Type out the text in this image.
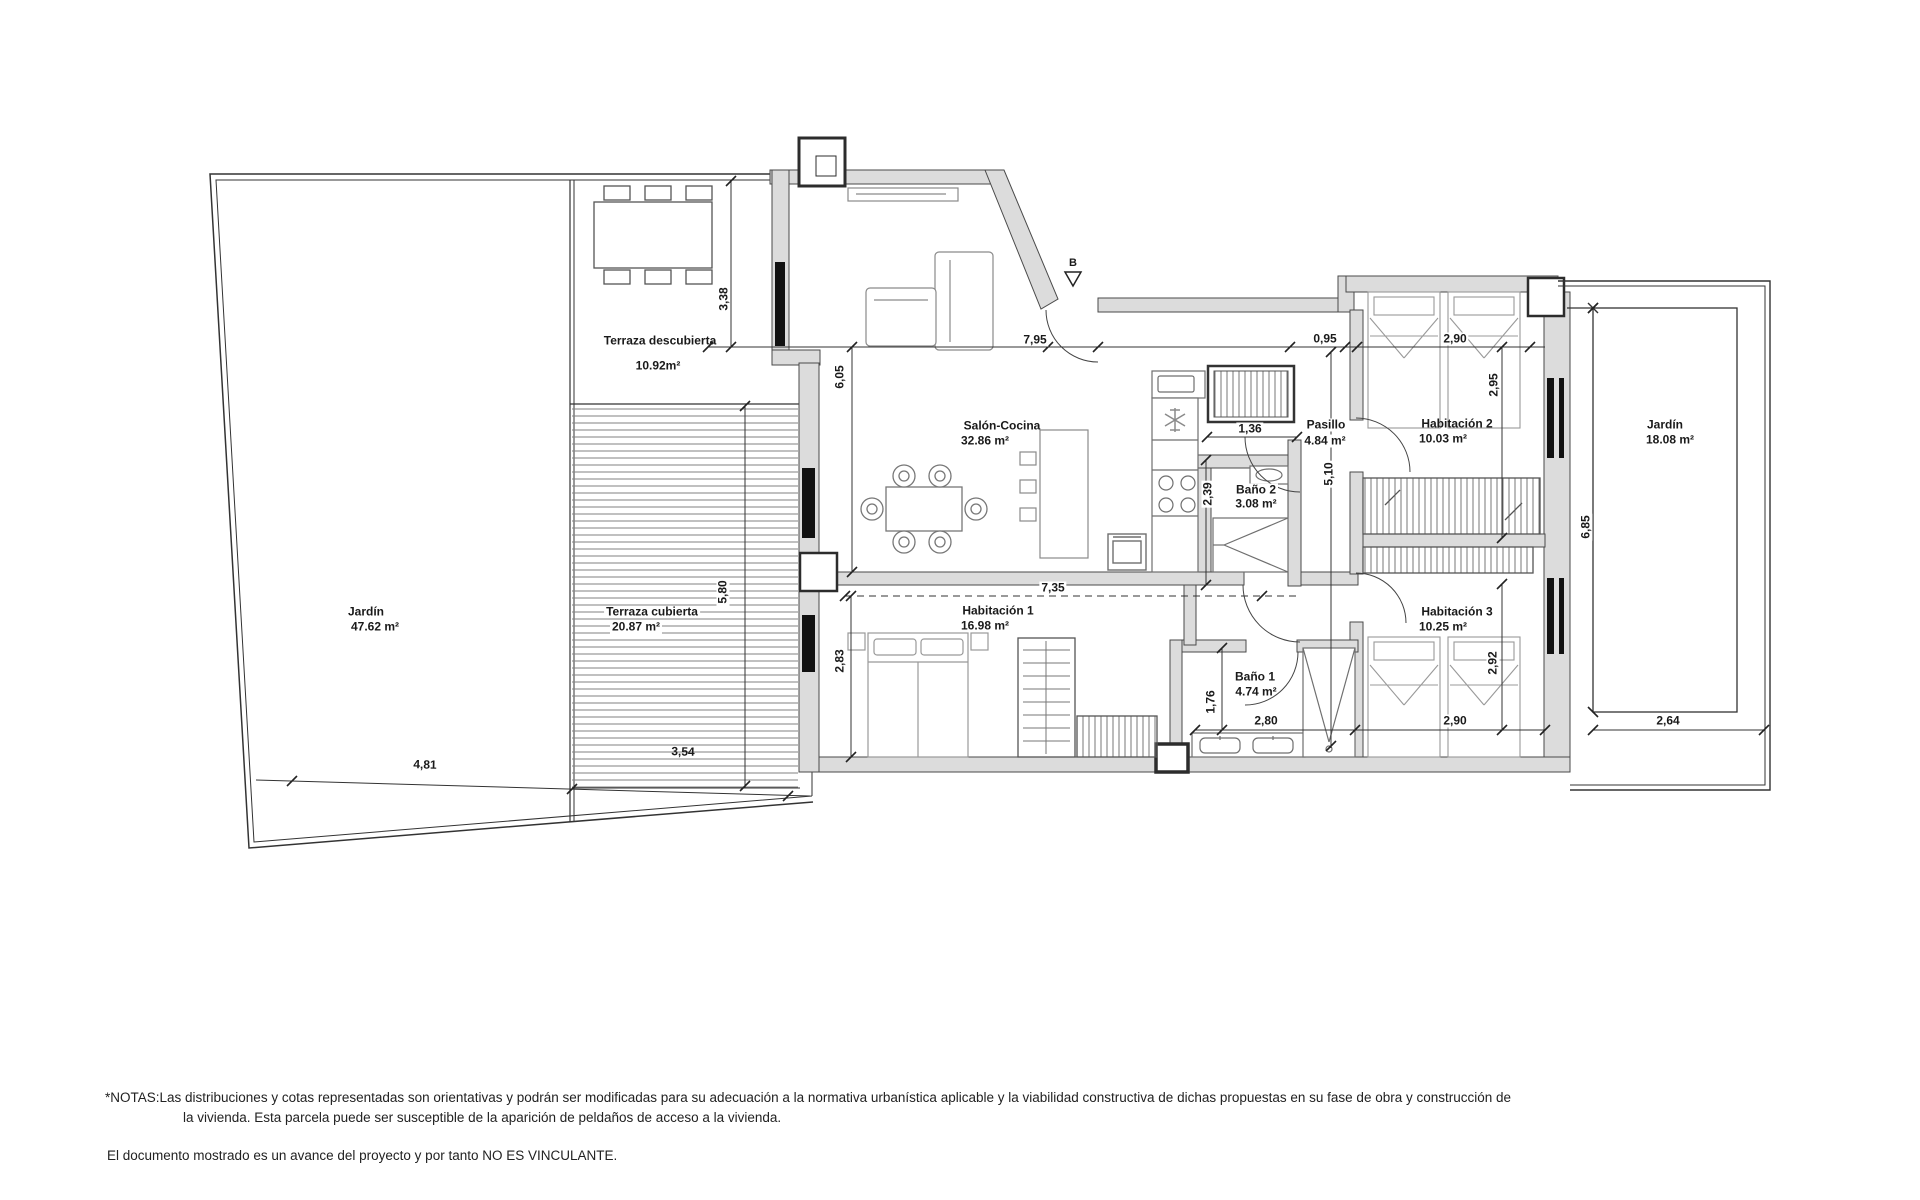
Terraza descubierta
10.92m²
Jardín
47.62 m²
Terraza cubierta
20.87 m²
Salón-Cocina
32.86 m²
Habitación 1
16.98 m²
Baño 2
3.08 m²
Pasillo
4.84 m²
Habitación 2
10.03 m²
Habitación 3
10.25 m²
Baño 1
4.74 m²
Jardín
18.08 m²
3,38
6,05
7,95	0,95	2,90
2,95
1,36
2,39
5,10
6,85
7,35
2,83
5,80
1,76
2,80
2,92
2,90	2,64
4,81
3,54
B
*NOTAS:Las distribuciones y cotas representadas son orientativas y podrán ser modificadas para su adecuación a la normativa urbanística aplicable y la viabilidad constructiva de dichas propuestas en su fase de obra y construcción de la vivienda. Esta parcela puede ser susceptible de la aparición de peldaños de acceso a la vivienda.
El documento mostrado es un avance del proyecto y por tanto NO ES VINCULANTE.
